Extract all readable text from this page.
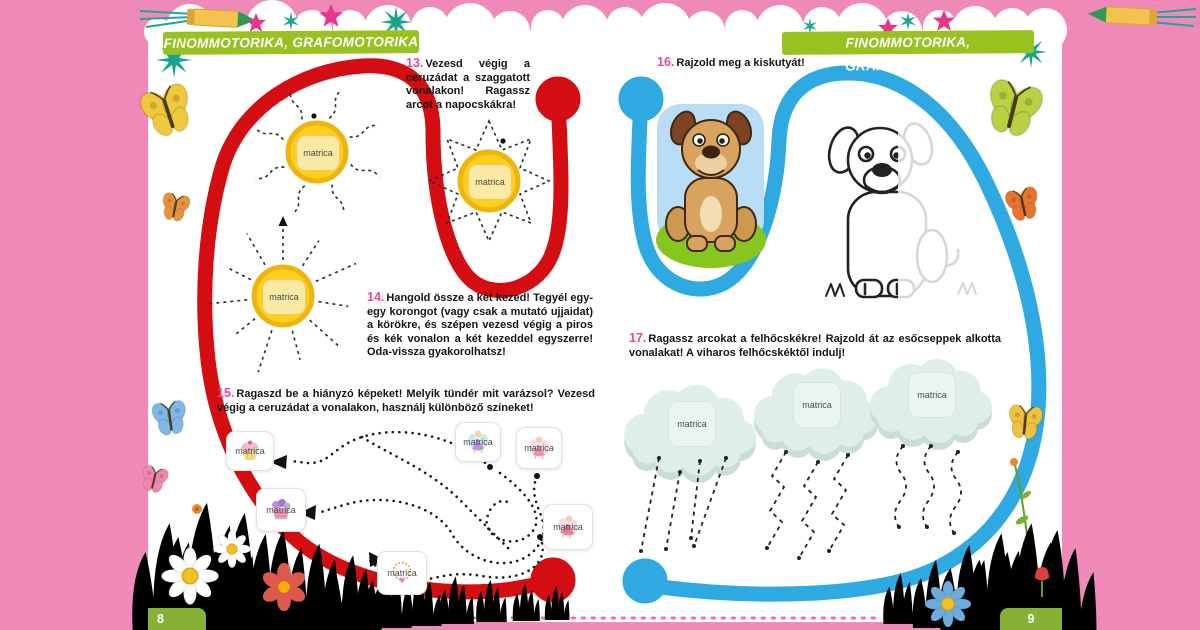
FINOMMOTORIKA, GRAFOMOTORIKA	FINOMMOTORIKA, GRAFOMOTORIKA
13. Vezesd végig a ceruzádat a szaggatott vonalakon! Ragassz arcot a napocskákra!
14. Hangold össze a két kezed! Tegyél egy-egy korongot (vagy csak a mutató ujjaidat) a körökre, és szépen vezesd végig a piros és kék vonalon a két kezeddel egyszerre! Oda-vissza gyakorolhatsz!
15. Ragaszd be a hiányzó képeket! Melyik tündér mit varázsol? Vezesd végig a ceruzádat a vonalakon, használj különböző színeket!
16. Rajzold meg a kiskutyát!
17. Ragassz arcokat a felhőcskékre! Rajzold át az esőcseppek alkotta vonalakat! A viharos felhőcskéktől indulj!
matrica
matrica
matrica
matrica
matrica
matrica
matrica
matrica
matrica
matrica
matrica
matrica
8	9
